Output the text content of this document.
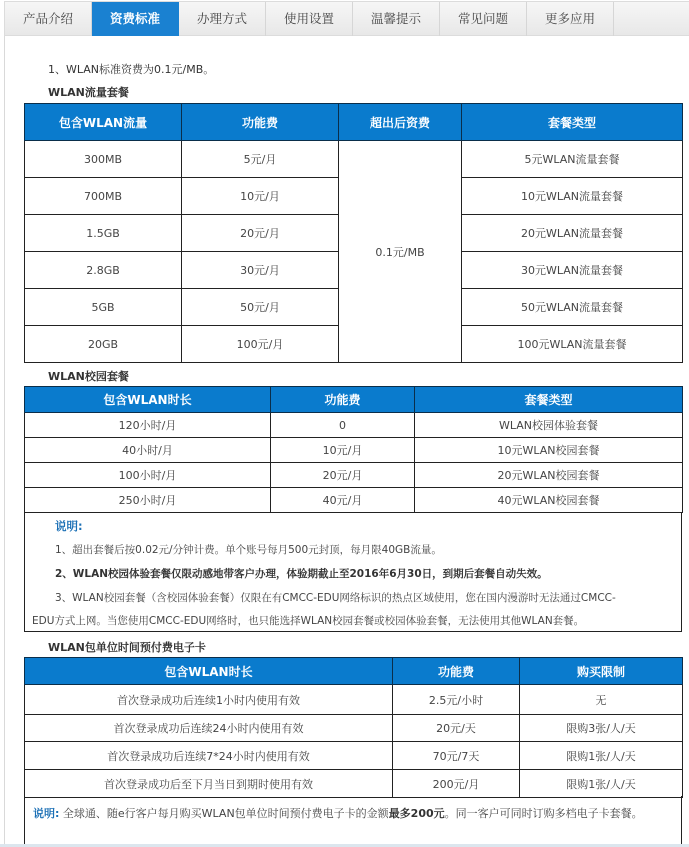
产品介绍	资费标准	办理方式	使用设置	温馨提示	常见问题	更多应用
1、WLAN标准资费为0.1元/MB。
WLAN流量套餐
包含WLAN流量	功能费	超出后资费	套餐类型
300MB	5元/月	0.1元/MB	5元WLAN流量套餐
700MB	10元/月		10元WLAN流量套餐
1.5GB	20元/月		20元WLAN流量套餐
2.8GB	30元/月		30元WLAN流量套餐
5GB	50元/月		50元WLAN流量套餐
20GB	100元/月		100元WLAN流量套餐
WLAN校园套餐
包含WLAN时长	功能费	套餐类型
120小时/月	0	WLAN校园体验套餐
40小时/月	10元/月	10元WLAN校园套餐
100小时/月	20元/月	20元WLAN校园套餐
250小时/月	40元/月	40元WLAN校园套餐
说明:
1、超出套餐后按0.02元/分钟计费。单个账号每月500元封顶，每月限40GB流量。
2、WLAN校园体验套餐仅限动感地带客户办理，体验期截止至2016年6月30日，到期后套餐自动失效。
3、WLAN校园套餐（含校园体验套餐）仅限在有CMCC-EDU网络标识的热点区域使用，您在国内漫游时无法通过CMCC-
EDU方式上网。当您使用CMCC-EDU网络时，也只能选择WLAN校园套餐或校园体验套餐，无法使用其他WLAN套餐。
WLAN包单位时间预付费电子卡
包含WLAN时长	功能费	购买限制
首次登录成功后连续1小时内使用有效	2.5元/小时	无
首次登录成功后连续24小时内使用有效	20元/天	限购3张/人/天
首次登录成功后连续7*24小时内使用有效	70元/7天	限购1张/人/天
首次登录成功后至下月当日到期时使用有效	200元/月	限购1张/人/天
说明: 全球通、随e行客户每月购买WLAN包单位时间预付费电子卡的金额最多200元。同一客户可同时订购多档电子卡套餐。
